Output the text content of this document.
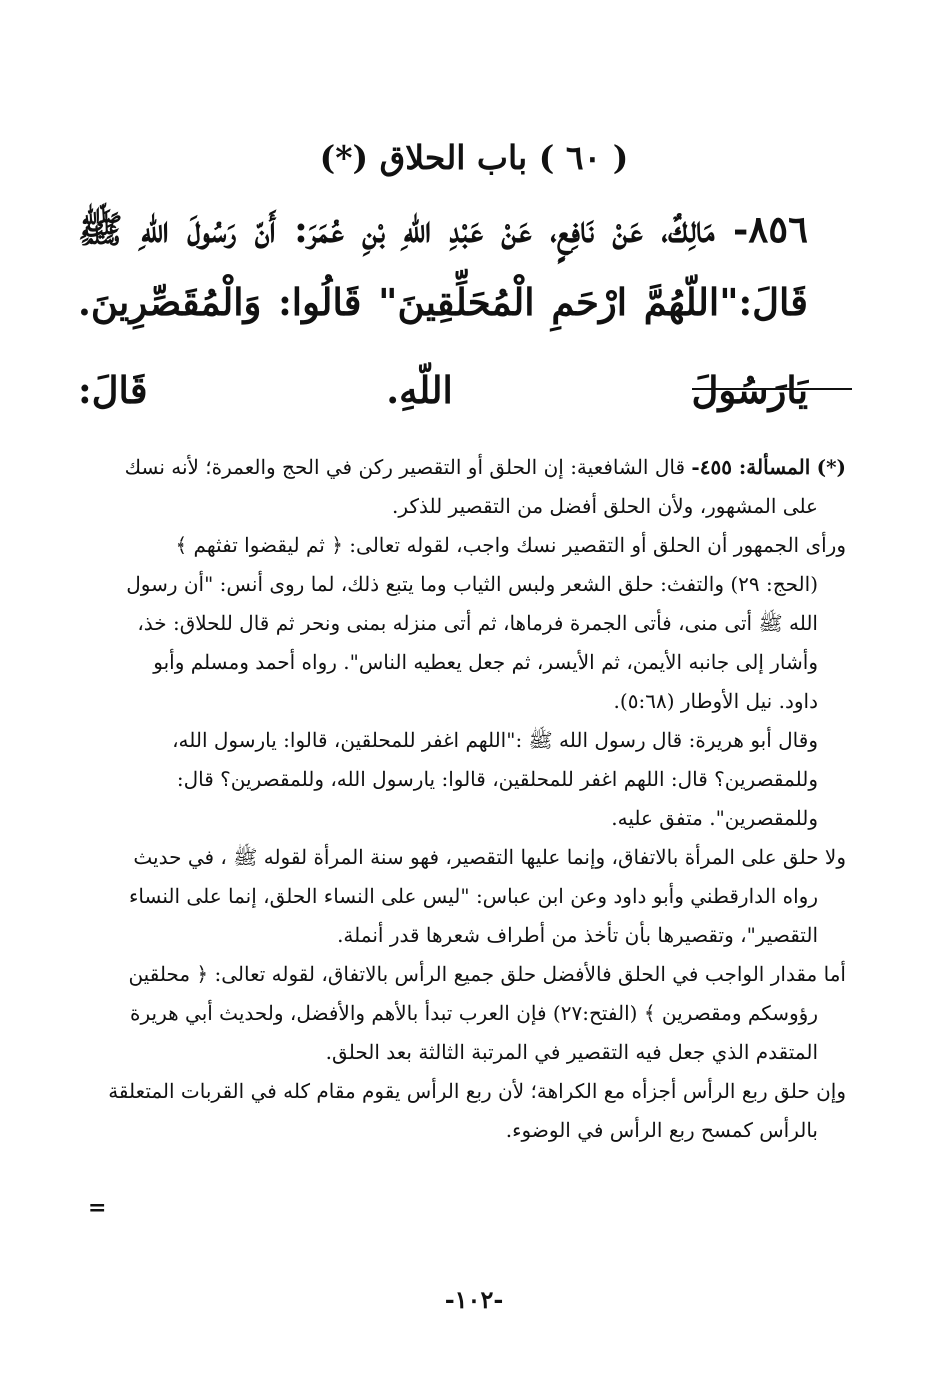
( ٦٠ ) باب الحلاق (*)
٨٥٦- مَالِكٌ، عَنْ نَافِعٍ، عَنْ عَبْدِ اللهِ بْنِ عُمَرَ: أَنّ رَسُولَ اللّهِ ﷺ
قَالَ:"اللّهُمَّ ارْحَمِ الْمُحَلِّقِينَ" قَالُوا: وَالْمُقَصِّرِينَ. يَارَسُولَ اللّهِ. قَالَ:
(*) المسألة: ٤٥٥- قال الشافعية: إن الحلق أو التقصير ركن في الحج والعمرة؛ لأنه نسك
على المشهور، ولأن الحلق أفضل من التقصير للذكر.
ورأى الجمهور أن الحلق أو التقصير نسك واجب، لقوله تعالى: ﴿ ثم ليقضوا تفثهم ﴾
(الحج: ٢٩) والتفث: حلق الشعر ولبس الثياب وما يتبع ذلك، لما روى أنس: "أن رسول
الله ﷺ أتى منى، فأتى الجمرة فرماها، ثم أتى منزله بمنى ونحر ثم قال للحلاق: خذ،
وأشار إلى جانبه الأيمن، ثم الأيسر، ثم جعل يعطيه الناس". رواه أحمد ومسلم وأبو
داود. نيل الأوطار (٥:٦٨).
وقال أبو هريرة: قال رسول الله ﷺ :"اللهم اغفر للمحلقين، قالوا: يارسول الله،
وللمقصرين؟ قال: اللهم اغفر للمحلقين، قالوا: يارسول الله، وللمقصرين؟ قال:
وللمقصرين". متفق عليه.
ولا حلق على المرأة بالاتفاق، وإنما عليها التقصير، فهو سنة المرأة لقوله ﷺ ، في حديث
رواه الدارقطني وأبو داود وعن ابن عباس: "ليس على النساء الحلق، إنما على النساء
التقصير"، وتقصيرها بأن تأخذ من أطراف شعرها قدر أنملة.
أما مقدار الواجب في الحلق فالأفضل حلق جميع الرأس بالاتفاق، لقوله تعالى: ﴿ محلقين
رؤوسكم ومقصرين ﴾ (الفتح:٢٧) فإن العرب تبدأ بالأهم والأفضل، ولحديث أبي هريرة
المتقدم الذي جعل فيه التقصير في المرتبة الثالثة بعد الحلق.
وإن حلق ربع الرأس أجزأه مع الكراهة؛ لأن ربع الرأس يقوم مقام كله في القربات المتعلقة
بالرأس كمسح ربع الرأس في الوضوء.
=
-١٠٢-
